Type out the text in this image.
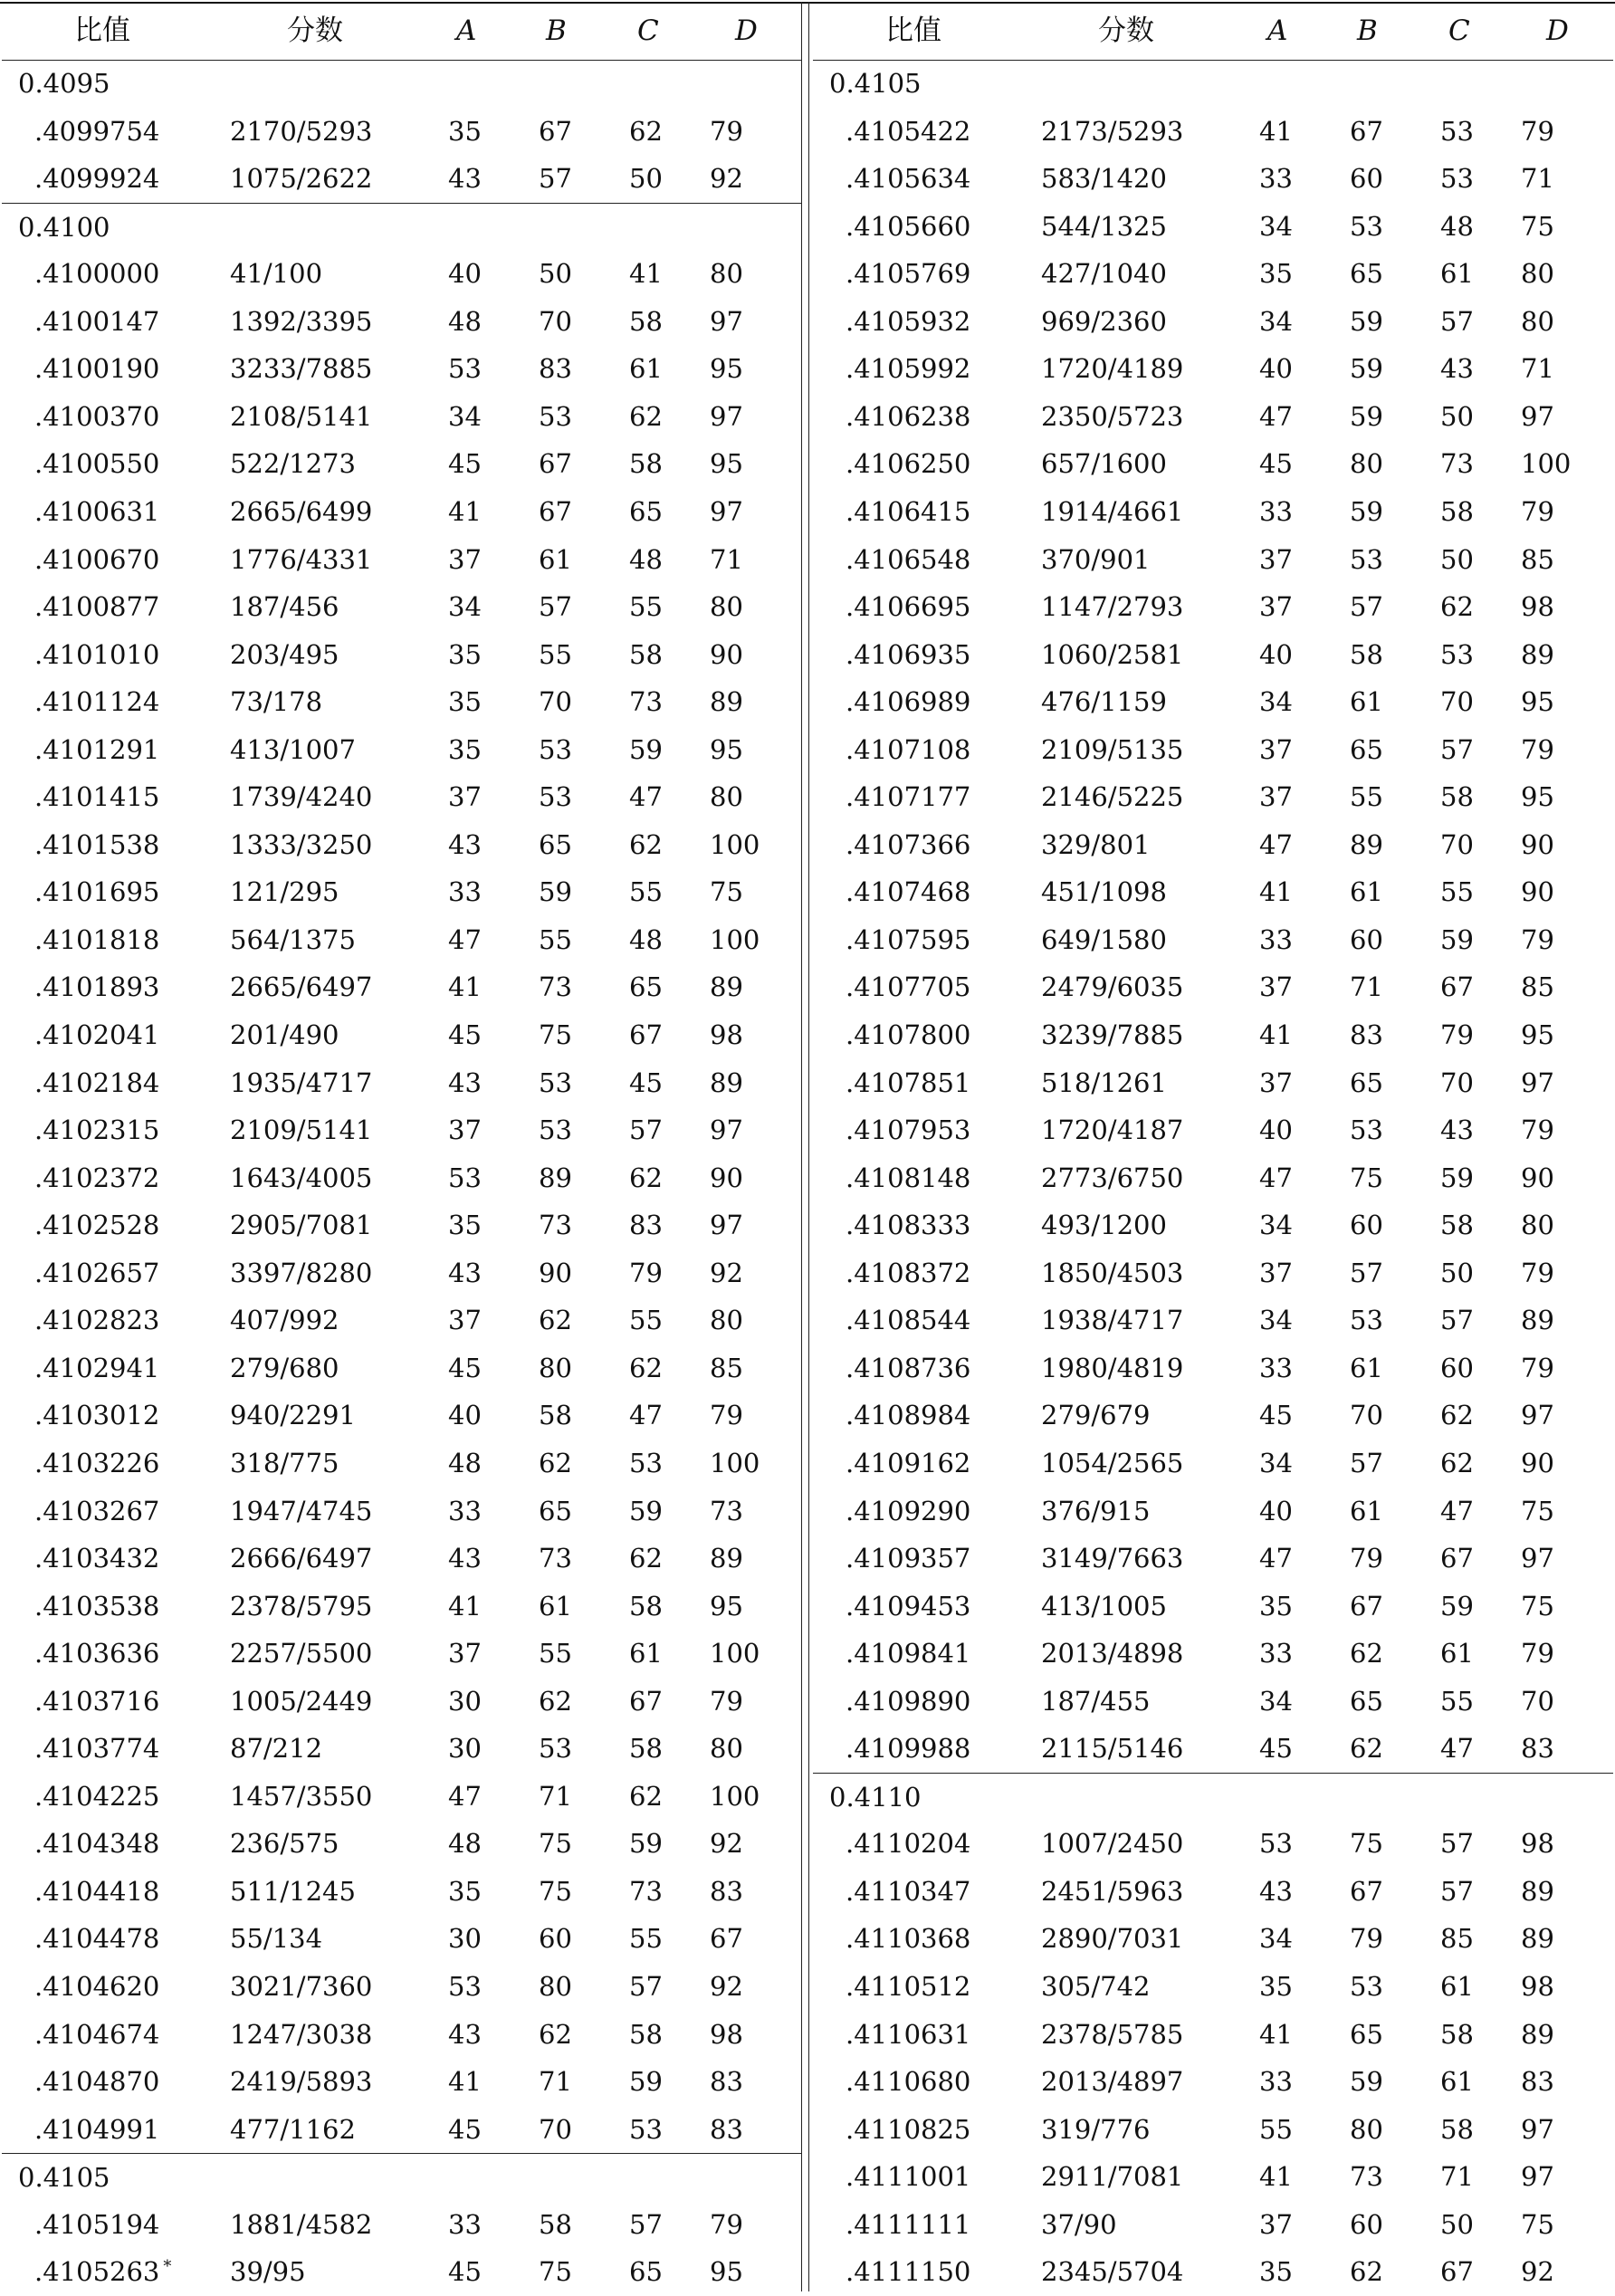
比值	分数	A B	C	D
0.4095
.4099754	2170/5293	35 67 62 79
.4099924	1075/2622	43 57 50 92
0.4100
.4100000	41/100	40 50 41 80
.4100147	1392/3395	48 70 58 97
.4100190	3233/7885	53 83 61 95
.4100370	2108/5141	34 53 62 97
.4100550	522/1273	45 67 58 95
.4100631	2665/6499	41 67 65 97
.4100670	1776/4331	37 61 48 71
.4100877	187/456	34 57 55 80
.4101010	203/495	35 55 58 90
.4101124	73/178	35 70 73 89
.4101291	413/1007	35 53 59 95
.4101415	1739/4240	37 53 47 80
.4101538	1333/3250	43 65 62 100
.4101695	121/295	33 59 55 75
.4101818	564/1375	47 55 48 100
.4101893	2665/6497	41 73 65 89
.4102041	201/490	45 75 67 98
.4102184	1935/4717	43 53 45 89
.4102315	2109/5141	37 53 57 97
.4102372	1643/4005	53 89 62 90
.4102528	2905/7081	35 73 83 97
.4102657	3397/8280	43 90 79 92
.4102823	407/992	37 62 55 80
.4102941	279/680	45 80 62 85
.4103012	940/2291	40 58 47 79
.4103226	318/775	48 62 53 100
.4103267	1947/4745	33 65 59 73
.4103432	2666/6497	43 73 62 89
.4103538	2378/5795	41 61 58 95
.4103636	2257/5500	37 55 61 100
.4103716	1005/2449	30 62 67 79
.4103774	87/212	30 53 58 80
.4104225	1457/3550	47 71 62 100
.4104348	236/575	48 75 59 92
.4104418	511/1245	35 75 73 83
.4104478	55/134	30 60 55 67
.4104620	3021/7360	53 80 57 92
.4104674	1247/3038	43 62 58 98
.4104870	2419/5893	41 71 59 83
.4104991	477/1162	45 70 53 83
0.4105
.4105194	1881/4582	33 58 57 79
.4105263 * 39/95	45 75 65 95
比值	分数	A B	C	D
0.4105
.4105422	2173/5293	41 67 53 79
.4105634	583/1420	33 60 53 71
.4105660	544/1325	34 53 48 75
.4105769	427/1040	35 65 61 80
.4105932	969/2360	34 59 57 80
.4105992	1720/4189	40 59 43 71
.4106238	2350/5723	47 59 50 97
.4106250	657/1600	45 80 73 100
.4106415	1914/4661	33 59 58 79
.4106548	370/901	37 53 50 85
.4106695	1147/2793	37 57 62 98
.4106935	1060/2581	40 58 53 89
.4106989	476/1159	34 61 70 95
.4107108	2109/5135	37 65 57 79
.4107177	2146/5225	37 55 58 95
.4107366	329/801	47 89 70 90
.4107468	451/1098	41 61 55 90
.4107595	649/1580	33 60 59 79
.4107705	2479/6035	37 71 67 85
.4107800	3239/7885	41 83 79 95
.4107851	518/1261	37 65 70 97
.4107953	1720/4187	40 53 43 79
.4108148	2773/6750	47 75 59 90
.4108333	493/1200	34 60 58 80
.4108372	1850/4503	37 57 50 79
.4108544	1938/4717	34 53 57 89
.4108736	1980/4819	33 61 60 79
.4108984	279/679	45 70 62 97
.4109162	1054/2565	34 57 62 90
.4109290	376/915	40 61 47 75
.4109357	3149/7663	47 79 67 97
.4109453	413/1005	35 67 59 75
.4109841	2013/4898	33 62 61 79
.4109890	187/455	34 65 55 70
.4109988	2115/5146	45 62 47 83
0.4110
.4110204	1007/2450	53 75 57 98
.4110347	2451/5963	43 67 57 89
.4110368	2890/7031	34 79 85 89
.4110512	305/742	35 53 61 98
.4110631	2378/5785	41 65 58 89
.4110680	2013/4897	33 59 61 83
.4110825	319/776	55 80 58 97
.4111001	2911/7081	41 73 71 97
.4111111	37/90	37 60 50 75
.4111150	2345/5704	35 62 67 92
